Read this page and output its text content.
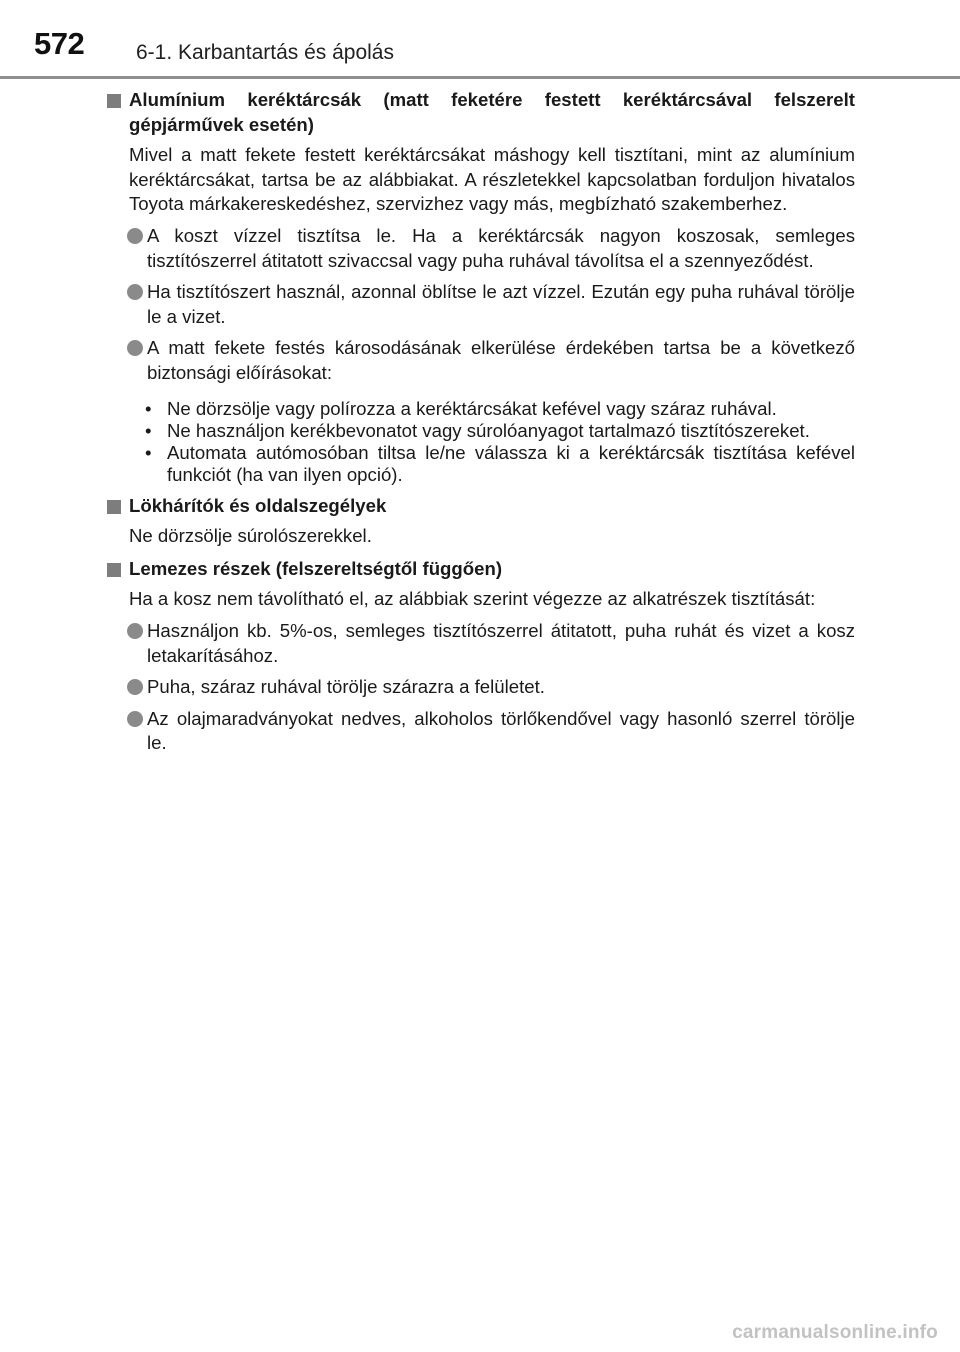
572 6-1. Karbantartás és ápolás
Alumínium keréktárcsák (matt feketére festett keréktárcsával felszerelt gépjárművek esetén)
Mivel a matt fekete festett keréktárcsákat máshogy kell tisztítani, mint az alumínium keréktárcsákat, tartsa be az alábbiakat. A részletekkel kapcsolatban forduljon hivatalos Toyota márkakereskedéshez, szervizhez vagy más, megbízható szakemberhez.
A koszt vízzel tisztítsa le. Ha a keréktárcsák nagyon koszosak, semleges tisztítószerrel átitatott szivaccsal vagy puha ruhával távolítsa el a szennyeződést.
Ha tisztítószert használ, azonnal öblítse le azt vízzel. Ezután egy puha ruhával törölje le a vizet.
A matt fekete festés károsodásának elkerülése érdekében tartsa be a következő biztonsági előírásokat:
• Ne dörzsölje vagy polírozza a keréktárcsákat kefével vagy száraz ruhával.
• Ne használjon kerékbevonatot vagy súrolóanyagot tartalmazó tisztítószereket.
• Automata autómosóban tiltsa le/ne válassza ki a keréktárcsák tisztítása kefével funkciót (ha van ilyen opció).
Lökhárítók és oldalszegélyek
Ne dörzsölje súrolószerekkel.
Lemezes részek (felszereltségtől függően)
Ha a kosz nem távolítható el, az alábbiak szerint végezze az alkatrészek tisztítását:
Használjon kb. 5%-os, semleges tisztítószerrel átitatott, puha ruhát és vizet a kosz letakarításához.
Puha, száraz ruhával törölje szárazra a felületet.
Az olajmaradványokat nedves, alkoholos törlőkendővel vagy hasonló szerrel törölje le.
carmanualsonline.info
